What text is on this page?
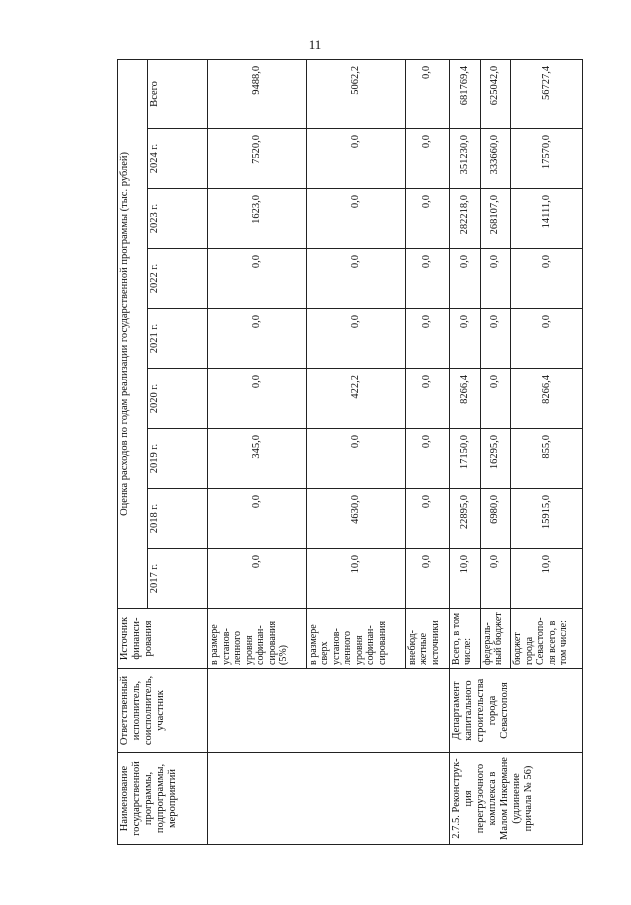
11
Наименование государственной программы, подпрограммы, мероприятий	Ответственный исполнитель, соисполнитель, участник	Источник финанси-рования	Оценка расходов по годам реализации государственной программы (тыс. рублей)								
			2017 г.	2018 г.	2019 г.	2020 г.	2021 г.	2022 г.	2023 г.	2024 г.	Всего
		в размере установ-ленного уровня софинан-сирования (5%)	0,0	0,0	345,0	0,0	0,0	0,0	1623,0	7520,0	9488,0
		в размере сверх установ-ленного уровня софинан-сирования	10,0	4630,0	0,0	422,2	0,0	0,0	0,0	0,0	5062,2
		внебюд-жетные источники	0,0	0,0	0,0	0,0	0,0	0,0	0,0	0,0	0,0
2.7.5. Реконструк-ция перегрузочного комплекса в Малом Инкермане (удлинение причала № 56)	Департамент капитального строительства города Севастополя	Всего, в том числе:	10,0	22895,0	17150,0	8266,4	0,0	0,0	282218,0	351230,0	681769,4
		федераль-ный бюджет	0,0	6980,0	16295,0	0,0	0,0	0,0	268107,0	333660,0	625042,0
		бюджет города Севастопо-ля всего, в том числе:	10,0	15915,0	855,0	8266,4	0,0	0,0	14111,0	17570,0	56727,4
